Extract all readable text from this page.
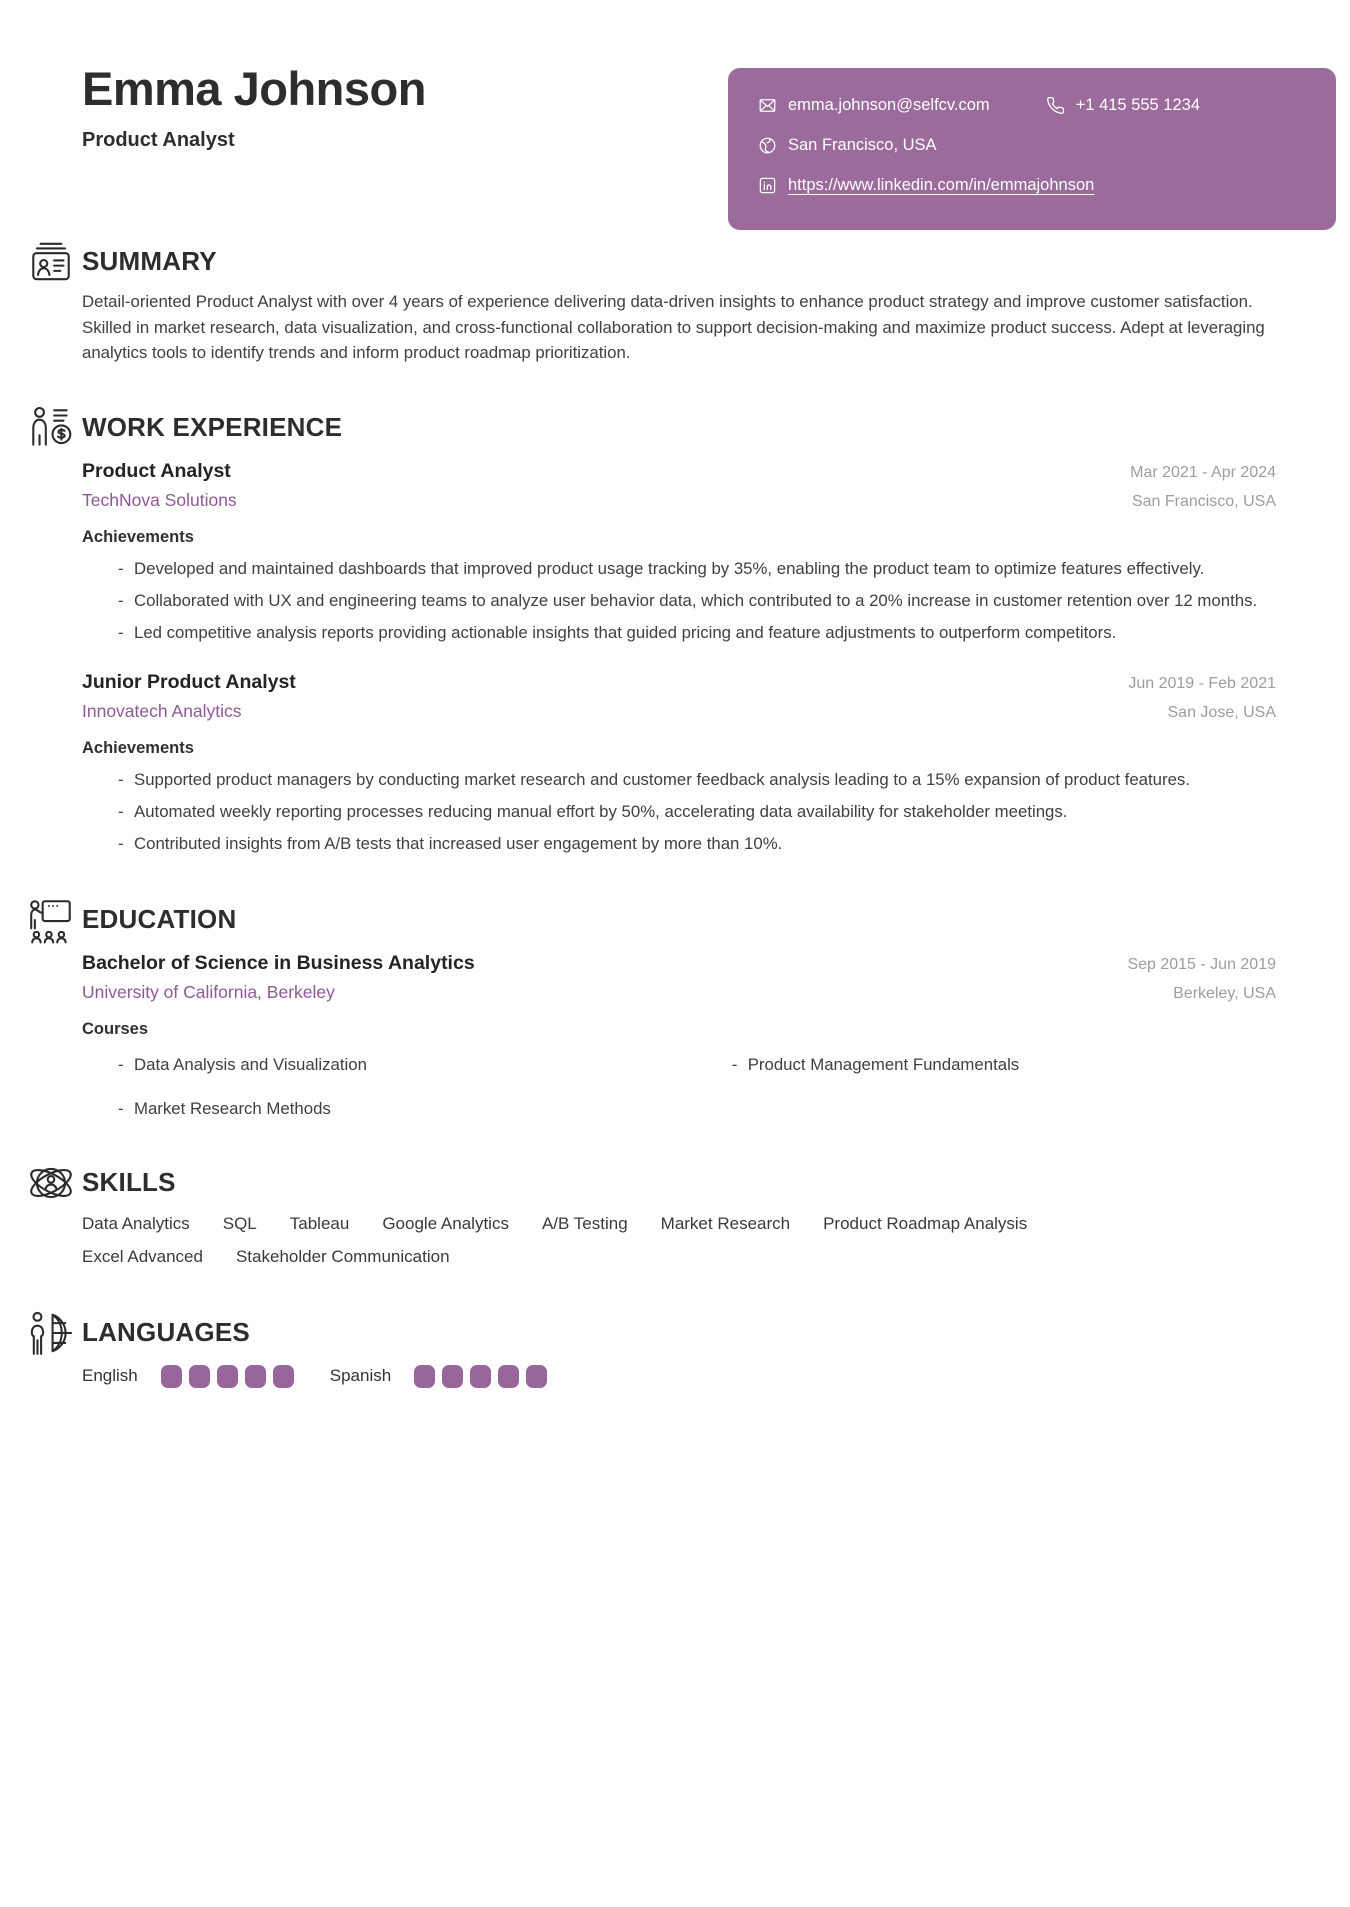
Emma Johnson
Product Analyst
emma.johnson@selfcv.com	+1 415 555 1234
San Francisco, USA
https://www.linkedin.com/in/emmajohnson
SUMMARY

Detail-oriented Product Analyst with over 4 years of experience delivering data-driven insights to enhance product strategy and improve customer satisfaction. Skilled in market research, data visualization, and cross-functional collaboration to support decision-making and maximize product success. Adept at leveraging analytics tools to identify trends and inform product roadmap prioritization.

WORK EXPERIENCE
Product Analyst	Mar 2021 - Apr 2024
TechNova Solutions	San Francisco, USA
Achievements
- Developed and maintained dashboards that improved product usage tracking by 35%, enabling the product team to optimize features effectively.
- Collaborated with UX and engineering teams to analyze user behavior data, which contributed to a 20% increase in customer retention over 12 months.
- Led competitive analysis reports providing actionable insights that guided pricing and feature adjustments to outperform competitors.
Junior Product Analyst	Jun 2019 - Feb 2021
Innovatech Analytics	San Jose, USA
Achievements
- Supported product managers by conducting market research and customer feedback analysis leading to a 15% expansion of product features.
- Automated weekly reporting processes reducing manual effort by 50%, accelerating data availability for stakeholder meetings.
- Contributed insights from A/B tests that increased user engagement by more than 10%.
EDUCATION
Bachelor of Science in Business Analytics	Sep 2015 - Jun 2019
University of California, Berkeley	Berkeley, USA
Courses
- Data Analysis and Visualization	- Product Management Fundamentals
- Market Research Methods
SKILLS
Data Analytics SQL Tableau Google Analytics A/B Testing Market Research Product Roadmap Analysis
Excel Advanced Stakeholder Communication
LANGUAGES
English	Spanish
